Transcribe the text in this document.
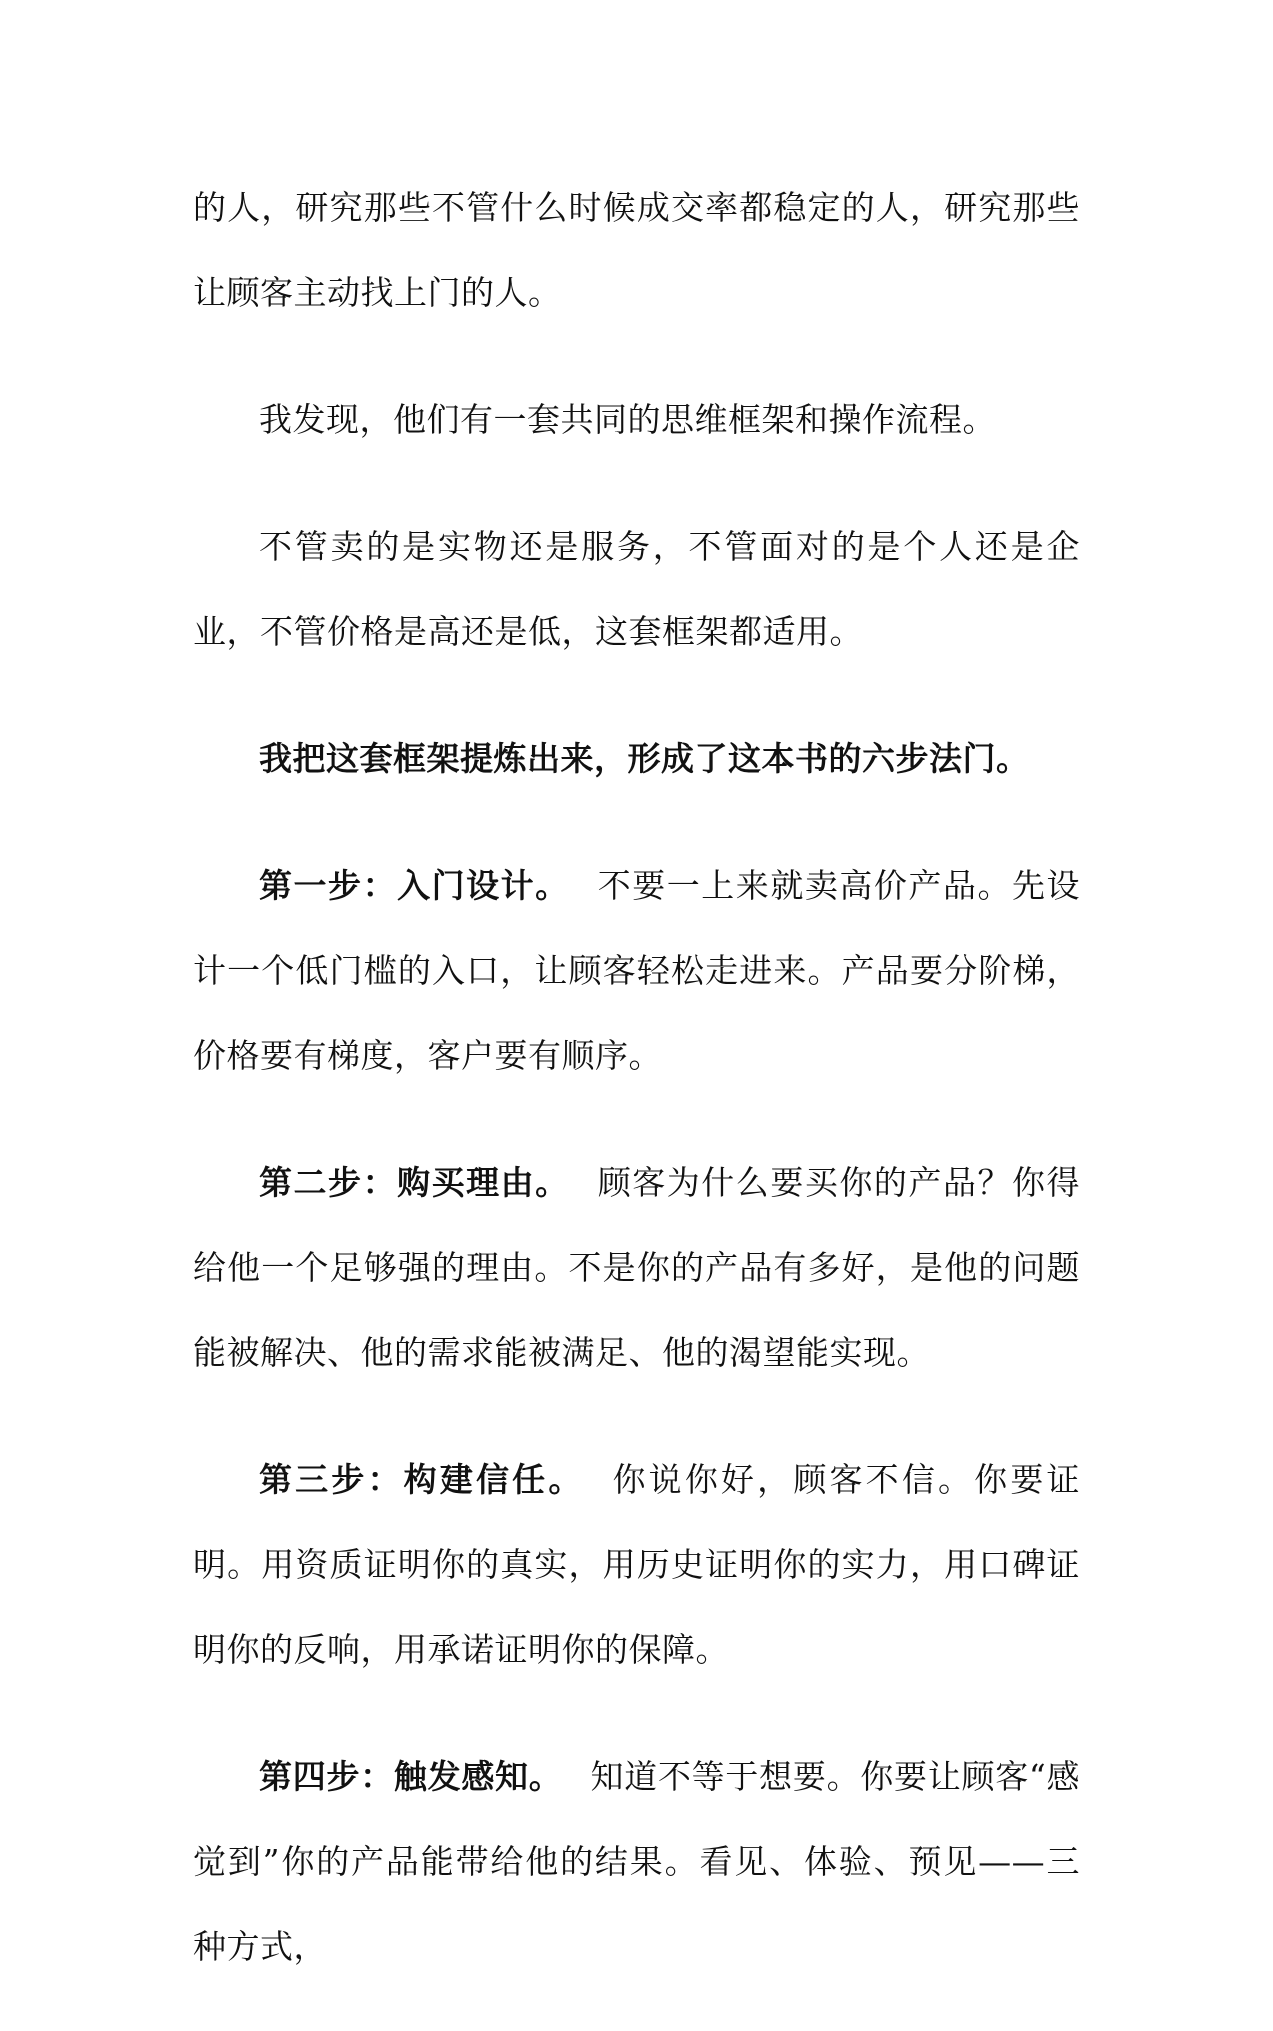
的人，研究那些不管什么时候成交率都稳定的人，研究那些让顾客主动找上门的人。

我发现，他们有一套共同的思维框架和操作流程。

不管卖的是实物还是服务，不管面对的是个人还是企业，不管价格是高还是低，这套框架都适用。

我把这套框架提炼出来，形成了这本书的六步法门。

第一步：入门设计。 不要一上来就卖高价产品。先设计一个低门槛的入口，让顾客轻松走进来。产品要分阶梯，价格要有梯度，客户要有顺序。

第二步：购买理由。 顾客为什么要买你的产品？你得给他一个足够强的理由。不是你的产品有多好，是他的问题能被解决、他的需求能被满足、他的渴望能实现。

第三步：构建信任。 你说你好，顾客不信。你要证明。用资质证明你的真实，用历史证明你的实力，用口碑证明你的反响，用承诺证明你的保障。

第四步：触发感知。 知道不等于想要。你要让顾客“感觉到”你的产品能带给他的结果。看见、体验、预见——三种方式，
